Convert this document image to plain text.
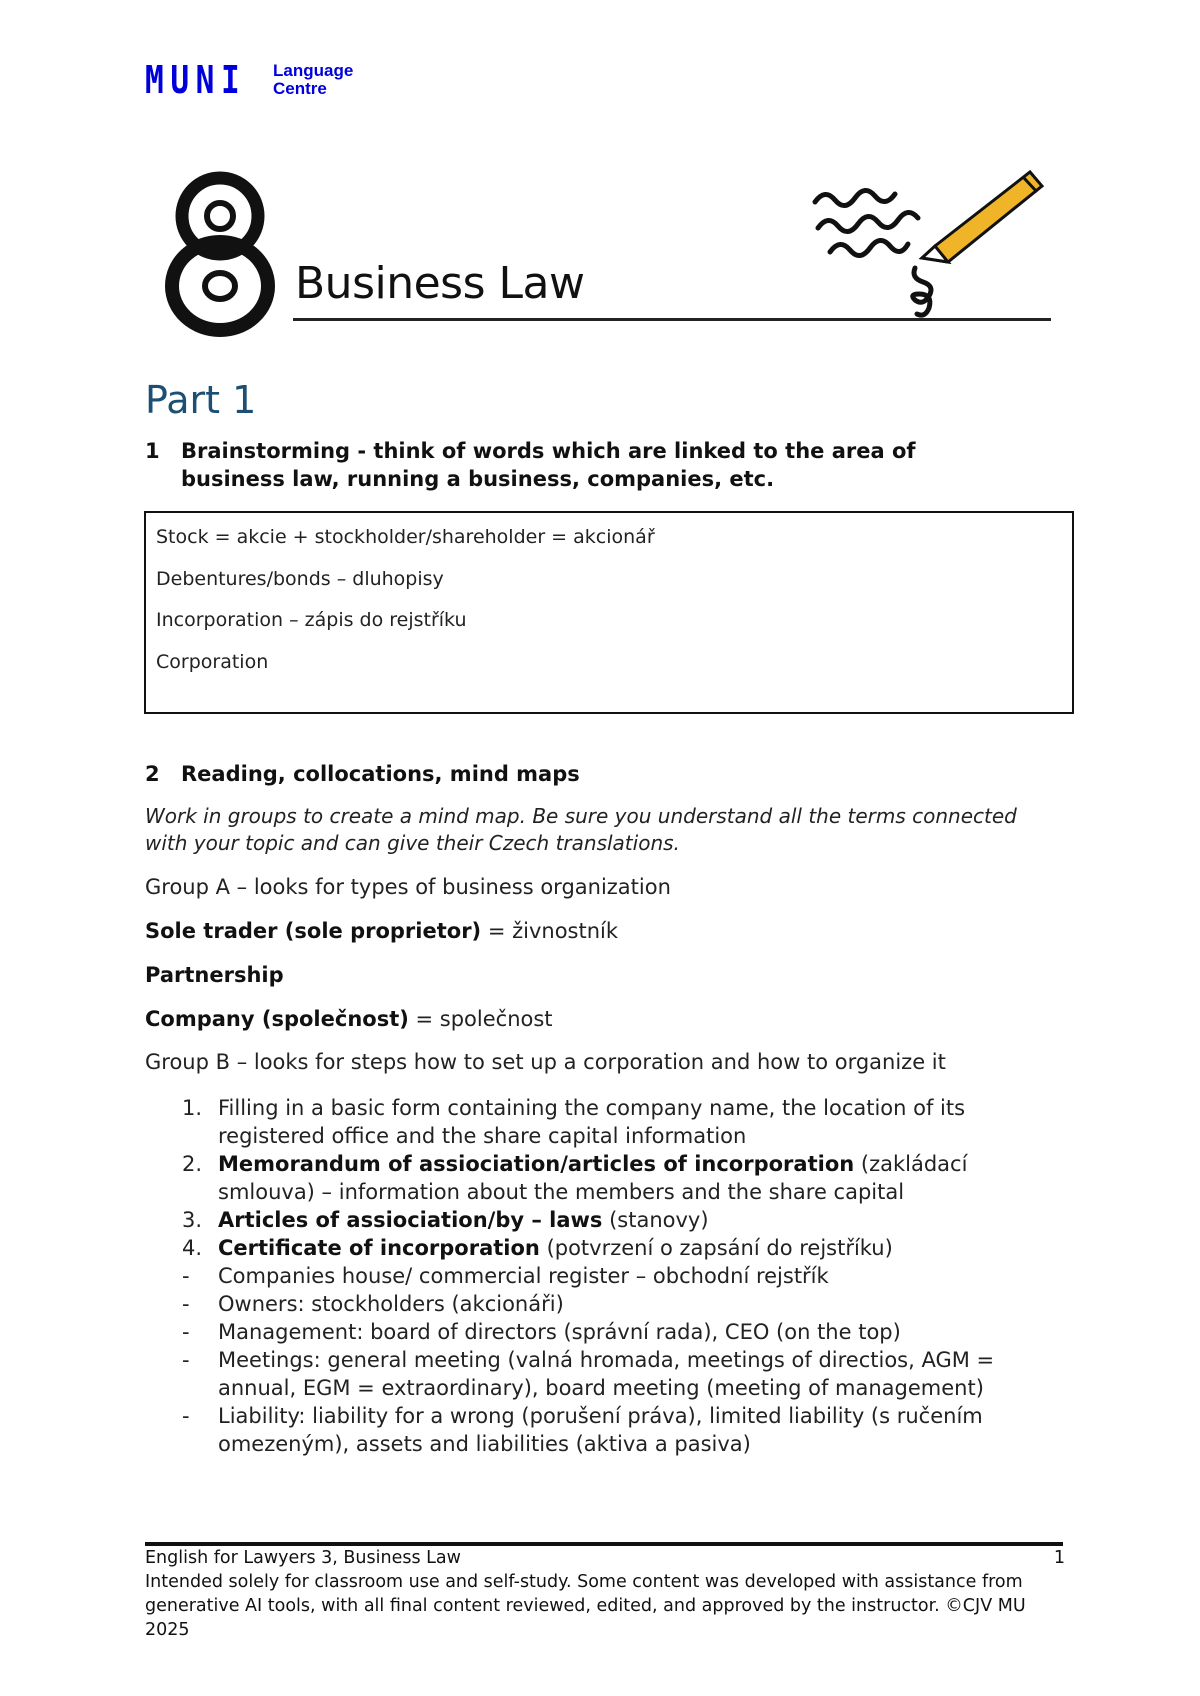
MUNI Language
Centre
Business Law
Part 1
1 Brainstorming - think of words which are linked to the area of business law, running a business, companies, etc.
Stock = akcie + stockholder/shareholder = akcionář
Debentures/bonds – dluhopisy
Incorporation – zápis do rejstříku
Corporation
2 Reading, collocations, mind maps
Work in groups to create a mind map. Be sure you understand all the terms connected with your topic and can give their Czech translations.
Group A – looks for types of business organization
Sole trader (sole proprietor) = živnostník
Partnership
Company (společnost) = společnost
Group B – looks for steps how to set up a corporation and how to organize it
1. Filling in a basic form containing the company name, the location of its registered office and the share capital information
2. Memorandum of assiociation/articles of incorporation (zakládací smlouva) – information about the members and the share capital
3. Articles of assiociation/by – laws (stanovy)
4. Certificate of incorporation (potvrzení o zapsání do rejstříku)
- Companies house/ commercial register – obchodní rejstřík
- Owners: stockholders (akcionáři)
- Management: board of directors (správní rada), CEO (on the top)
- Meetings: general meeting (valná hromada, meetings of directios, AGM = annual, EGM = extraordinary), board meeting (meeting of management)
- Liability: liability for a wrong (porušení práva), limited liability (s ručením omezeným), assets and liabilities (aktiva a pasiva)
English for Lawyers 3, Business Law	1
Intended solely for classroom use and self-study. Some content was developed with assistance from generative AI tools, with all final content reviewed, edited, and approved by the instructor. ©CJV MU 2025
